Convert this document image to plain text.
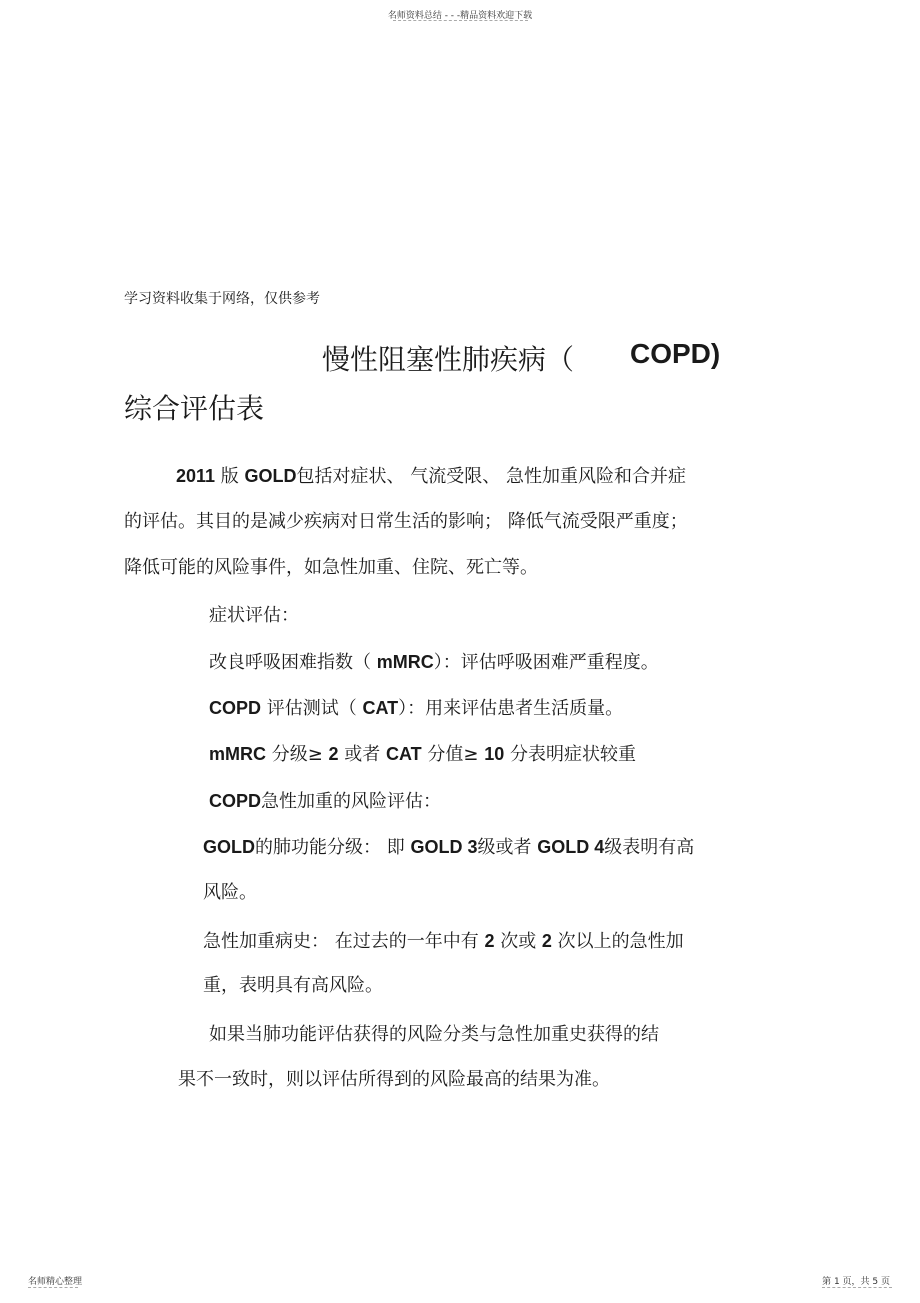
名师资料总结 - - -精品资料欢迎下载
学习资料收集于网络，仅供参考
慢性阻塞性肺疾病（ COPD)
综合评估表
2011 版 GOLD包括对症状、 气流受限、 急性加重风险和合并症
的评估。其目的是减少疾病对日常生活的影响； 降低气流受限严重度；
降低可能的风险事件，如急性加重、住院、死亡等。
症状评估：
改良呼吸困难指数（ mMRC）：评估呼吸困难严重程度。
COPD 评估测试（ CAT）：用来评估患者生活质量。
mMRC 分级≥ 2 或者 CAT 分值≥ 10 分表明症状较重
COPD急性加重的风险评估：
GOLD的肺功能分级： 即 GOLD 3级或者 GOLD 4级表明有高
风险。
急性加重病史： 在过去的一年中有 2 次或 2 次以上的急性加
重，表明具有高风险。
如果当肺功能评估获得的风险分类与急性加重史获得的结
果不一致时，则以评估所得到的风险最高的结果为准。
名师精心整理	第 1 页，共 5 页
